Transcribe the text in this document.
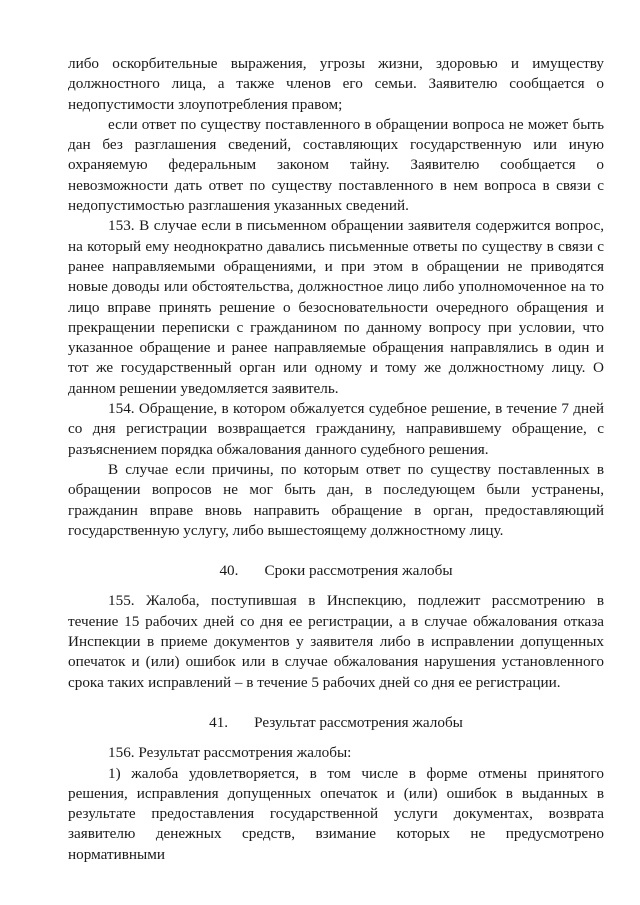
либо оскорбительные выражения, угрозы жизни, здоровью и имуществу должностного лица, а также членов его семьи. Заявителю сообщается о недопустимости злоупотребления правом;

если ответ по существу поставленного в обращении вопроса не может быть дан без разглашения сведений, составляющих государственную или иную охраняемую федеральным законом тайну. Заявителю сообщается о невозможности дать ответ по существу поставленного в нем вопроса в связи с недопустимостью разглашения указанных сведений.

153. В случае если в письменном обращении заявителя содержится вопрос, на который ему неоднократно давались письменные ответы по существу в связи с ранее направляемыми обращениями, и при этом в обращении не приводятся новые доводы или обстоятельства, должностное лицо либо уполномоченное на то лицо вправе принять решение о безосновательности очередного обращения и прекращении переписки с гражданином по данному вопросу при условии, что указанное обращение и ранее направляемые обращения направлялись в один и тот же государственный орган или одному и тому же должностному лицу. О данном решении уведомляется заявитель.

154. Обращение, в котором обжалуется судебное решение, в течение 7 дней со дня регистрации возвращается гражданину, направившему обращение, с разъяснением порядка обжалования данного судебного решения.

В случае если причины, по которым ответ по существу поставленных в обращении вопросов не мог быть дан, в последующем были устранены, гражданин вправе вновь направить обращение в орган, предоставляющий государственную услугу, либо вышестоящему должностному лицу.

40. Сроки рассмотрения жалобы

155. Жалоба, поступившая в Инспекцию, подлежит рассмотрению в течение 15 рабочих дней со дня ее регистрации, а в случае обжалования отказа Инспекции в приеме документов у заявителя либо в исправлении допущенных опечаток и (или) ошибок или в случае обжалования нарушения установленного срока таких исправлений – в течение 5 рабочих дней со дня ее регистрации.

41. Результат рассмотрения жалобы

156. Результат рассмотрения жалобы:

1) жалоба удовлетворяется, в том числе в форме отмены принятого решения, исправления допущенных опечаток и (или) ошибок в выданных в результате предоставления государственной услуги документах, возврата заявителю денежных средств, взимание которых не предусмотрено нормативными
